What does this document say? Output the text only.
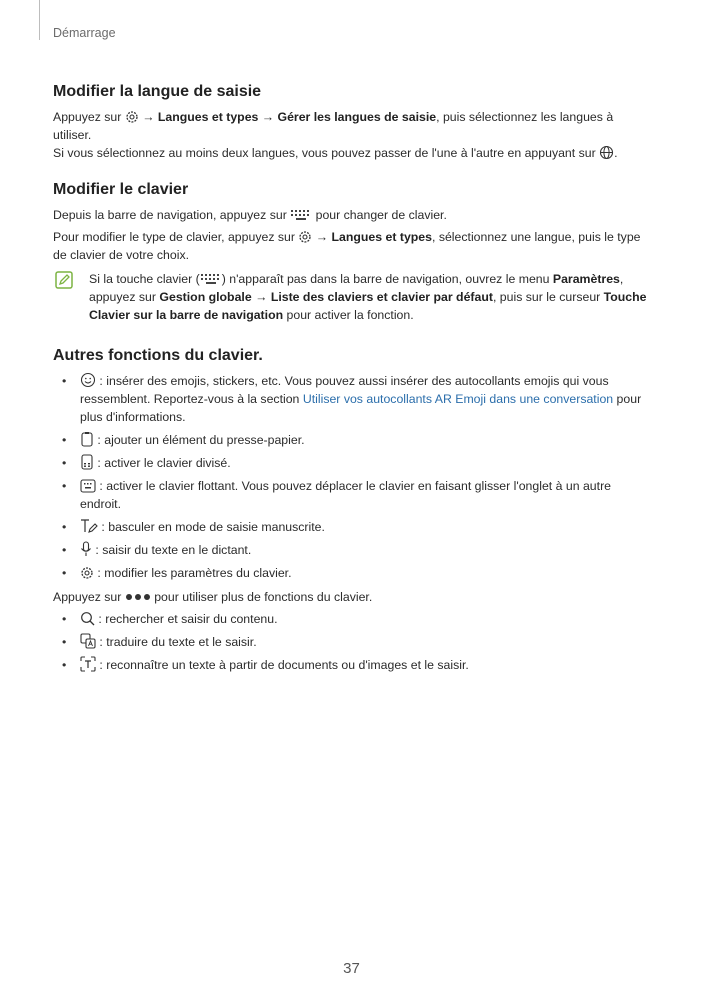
Démarrage
Modifier la langue de saisie

Appuyez sur  → Langues et types → Gérer les langues de saisie, puis sélectionnez les langues à utiliser.
Si vous sélectionnez au moins deux langues, vous pouvez passer de l'une à l'autre en appuyant sur .

Modifier le clavier

Depuis la barre de navigation, appuyez sur  pour changer de clavier.

Pour modifier le type de clavier, appuyez sur  → Langues et types, sélectionnez une langue, puis le type de clavier de votre choix.

Si la touche clavier ( ) n'apparaît pas dans la barre de navigation, ouvrez le menu Paramètres, appuyez sur Gestion globale → Liste des claviers et clavier par défaut, puis sur le curseur Touche Clavier sur la barre de navigation pour activer la fonction.
Autres fonctions du clavier.
• : insérer des emojis, stickers, etc. Vous pouvez aussi insérer des autocollants emojis qui vous ressemblent. Reportez-vous à la section Utiliser vos autocollants AR Emoji dans une conversation pour plus d'informations.
• : ajouter un élément du presse-papier.
• : activer le clavier divisé.
• : activer le clavier flottant. Vous pouvez déplacer le clavier en faisant glisser l'onglet à un autre endroit.
• : basculer en mode de saisie manuscrite.
• : saisir du texte en le dictant.
• : modifier les paramètres du clavier.

Appuyez sur  pour utiliser plus de fonctions du clavier.

• : rechercher et saisir du contenu.
• : traduire du texte et le saisir.
• : reconnaître un texte à partir de documents ou d'images et le saisir.
37
